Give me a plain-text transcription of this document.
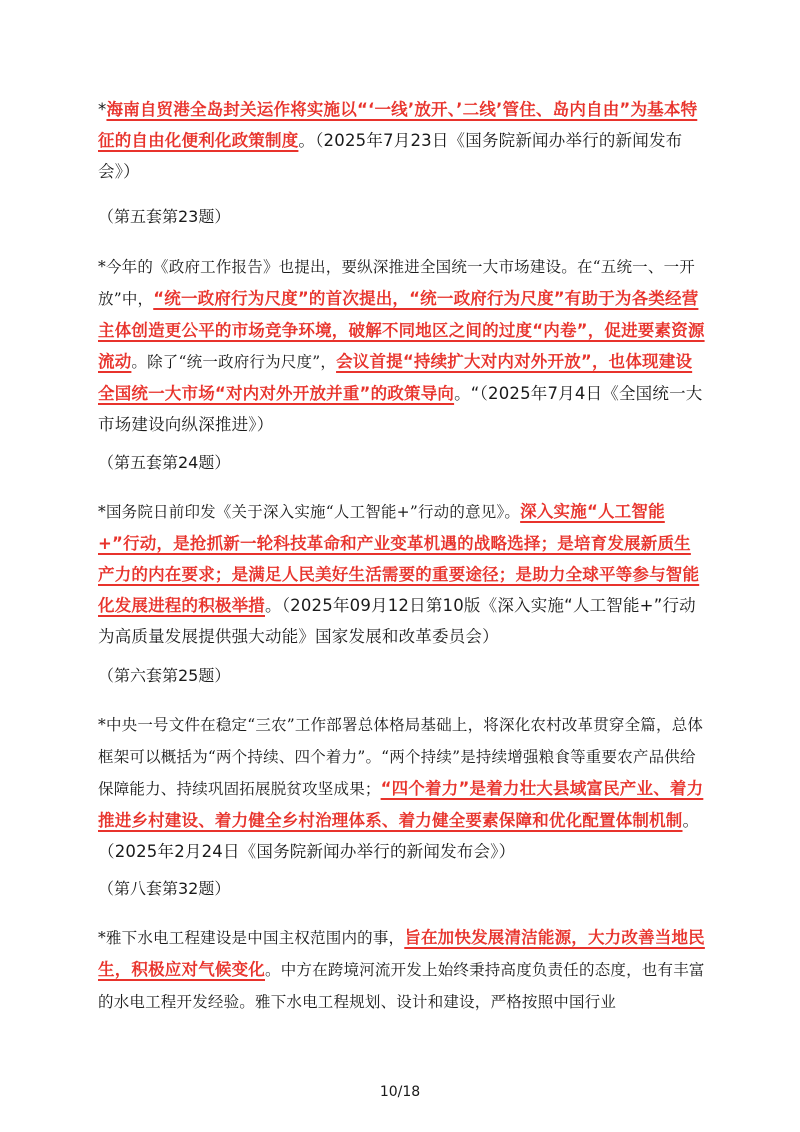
*海南自贸港全岛封关运作将实施以“‘一线’放开、’二线’管住、岛内自由”为基本特征的自由化便利化政策制度。（2025年7月23日《国务院新闻办举行的新闻发布会》）
（第五套第23题）
*今年的《政府工作报告》也提出，要纵深推进全国统一大市场建设。在“五统一、一开放”中，“统一政府行为尺度”的首次提出，“统一政府行为尺度”有助于为各类经营主体创造更公平的市场竞争环境，破解不同地区之间的过度“内卷”，促进要素资源流动。除了“统一政府行为尺度”，会议首提“持续扩大对内对外开放”，也体现建设全国统一大市场“对内对外开放并重”的政策导向。“（2025年7月4日《全国统一大市场建设向纵深推进》）
（第五套第24题）
*国务院日前印发《关于深入实施“人工智能+”行动的意见》。深入实施“人工智能+”行动，是抢抓新一轮科技革命和产业变革机遇的战略选择；是培育发展新质生产力的内在要求；是满足人民美好生活需要的重要途径；是助力全球平等参与智能化发展进程的积极举措。（2025年09月12日第10版《深入实施“人工智能+”行动 为高质量发展提供强大动能》国家发展和改革委员会）
（第六套第25题）
*中央一号文件在稳定“三农”工作部署总体格局基础上，将深化农村改革贯穿全篇，总体框架可以概括为“两个持续、四个着力”。“两个持续”是持续增强粮食等重要农产品供给保障能力、持续巩固拓展脱贫攻坚成果；“四个着力”是着力壮大县域富民产业、着力推进乡村建设、着力健全乡村治理体系、着力健全要素保障和优化配置体制机制。（2025年2月24日《国务院新闻办举行的新闻发布会》）
（第八套第32题）
*雅下水电工程建设是中国主权范围内的事，旨在加快发展清洁能源，大力改善当地民生，积极应对气候变化。中方在跨境河流开发上始终秉持高度负责任的态度，也有丰富的水电工程开发经验。雅下水电工程规划、设计和建设，严格按照中国行业
10/18
